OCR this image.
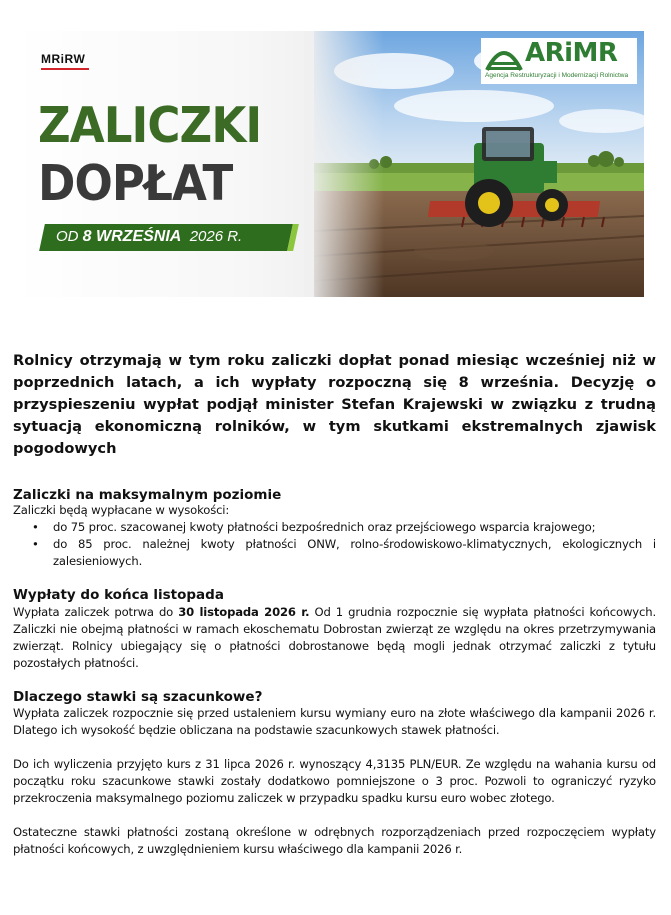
MRiRW
ZALICZKI
DOPŁAT
OD 8 WRZEŚNIA 2026 R.
ARiMR
Agencja Restrukturyzacji i Modernizacji Rolnictwa

Rolnicy otrzymają w tym roku zaliczki dopłat ponad miesiąc wcześniej niż w poprzednich latach, a ich wypłaty rozpoczną się 8 września. Decyzję o przyspieszeniu wypłat podjął minister Stefan Krajewski w związku z trudną sytuacją ekonomiczną rolników, w tym skutkami ekstremalnych zjawisk pogodowych

Zaliczki na maksymalnym poziomie

Zaliczki będą wypłacane w wysokości:

• do 75 proc. szacowanej kwoty płatności bezpośrednich oraz przejściowego wsparcia krajowego;
• do 85 proc. należnej kwoty płatności ONW, rolno-środowiskowo-klimatycznych, ekologicznych i zalesieniowych.
Wypłaty do końca listopada

Wypłata zaliczek potrwa do 30 listopada 2026 r. Od 1 grudnia rozpocznie się wypłata płatności końcowych. Zaliczki nie obejmą płatności w ramach ekoschematu Dobrostan zwierząt ze względu na okres przetrzymywania zwierząt. Rolnicy ubiegający się o płatności dobrostanowe będą mogli jednak otrzymać zaliczki z tytułu pozostałych płatności.

Dlaczego stawki są szacunkowe?

Wypłata zaliczek rozpocznie się przed ustaleniem kursu wymiany euro na złote właściwego dla kampanii 2026 r. Dlatego ich wysokość będzie obliczana na podstawie szacunkowych stawek płatności.

Do ich wyliczenia przyjęto kurs z 31 lipca 2026 r. wynoszący 4,3135 PLN/EUR. Ze względu na wahania kursu od początku roku szacunkowe stawki zostały dodatkowo pomniejszone o 3 proc. Pozwoli to ograniczyć ryzyko przekroczenia maksymalnego poziomu zaliczek w przypadku spadku kursu euro wobec złotego.

Ostateczne stawki płatności zostaną określone w odrębnych rozporządzeniach przed rozpoczęciem wypłaty płatności końcowych, z uwzględnieniem kursu właściwego dla kampanii 2026 r.
